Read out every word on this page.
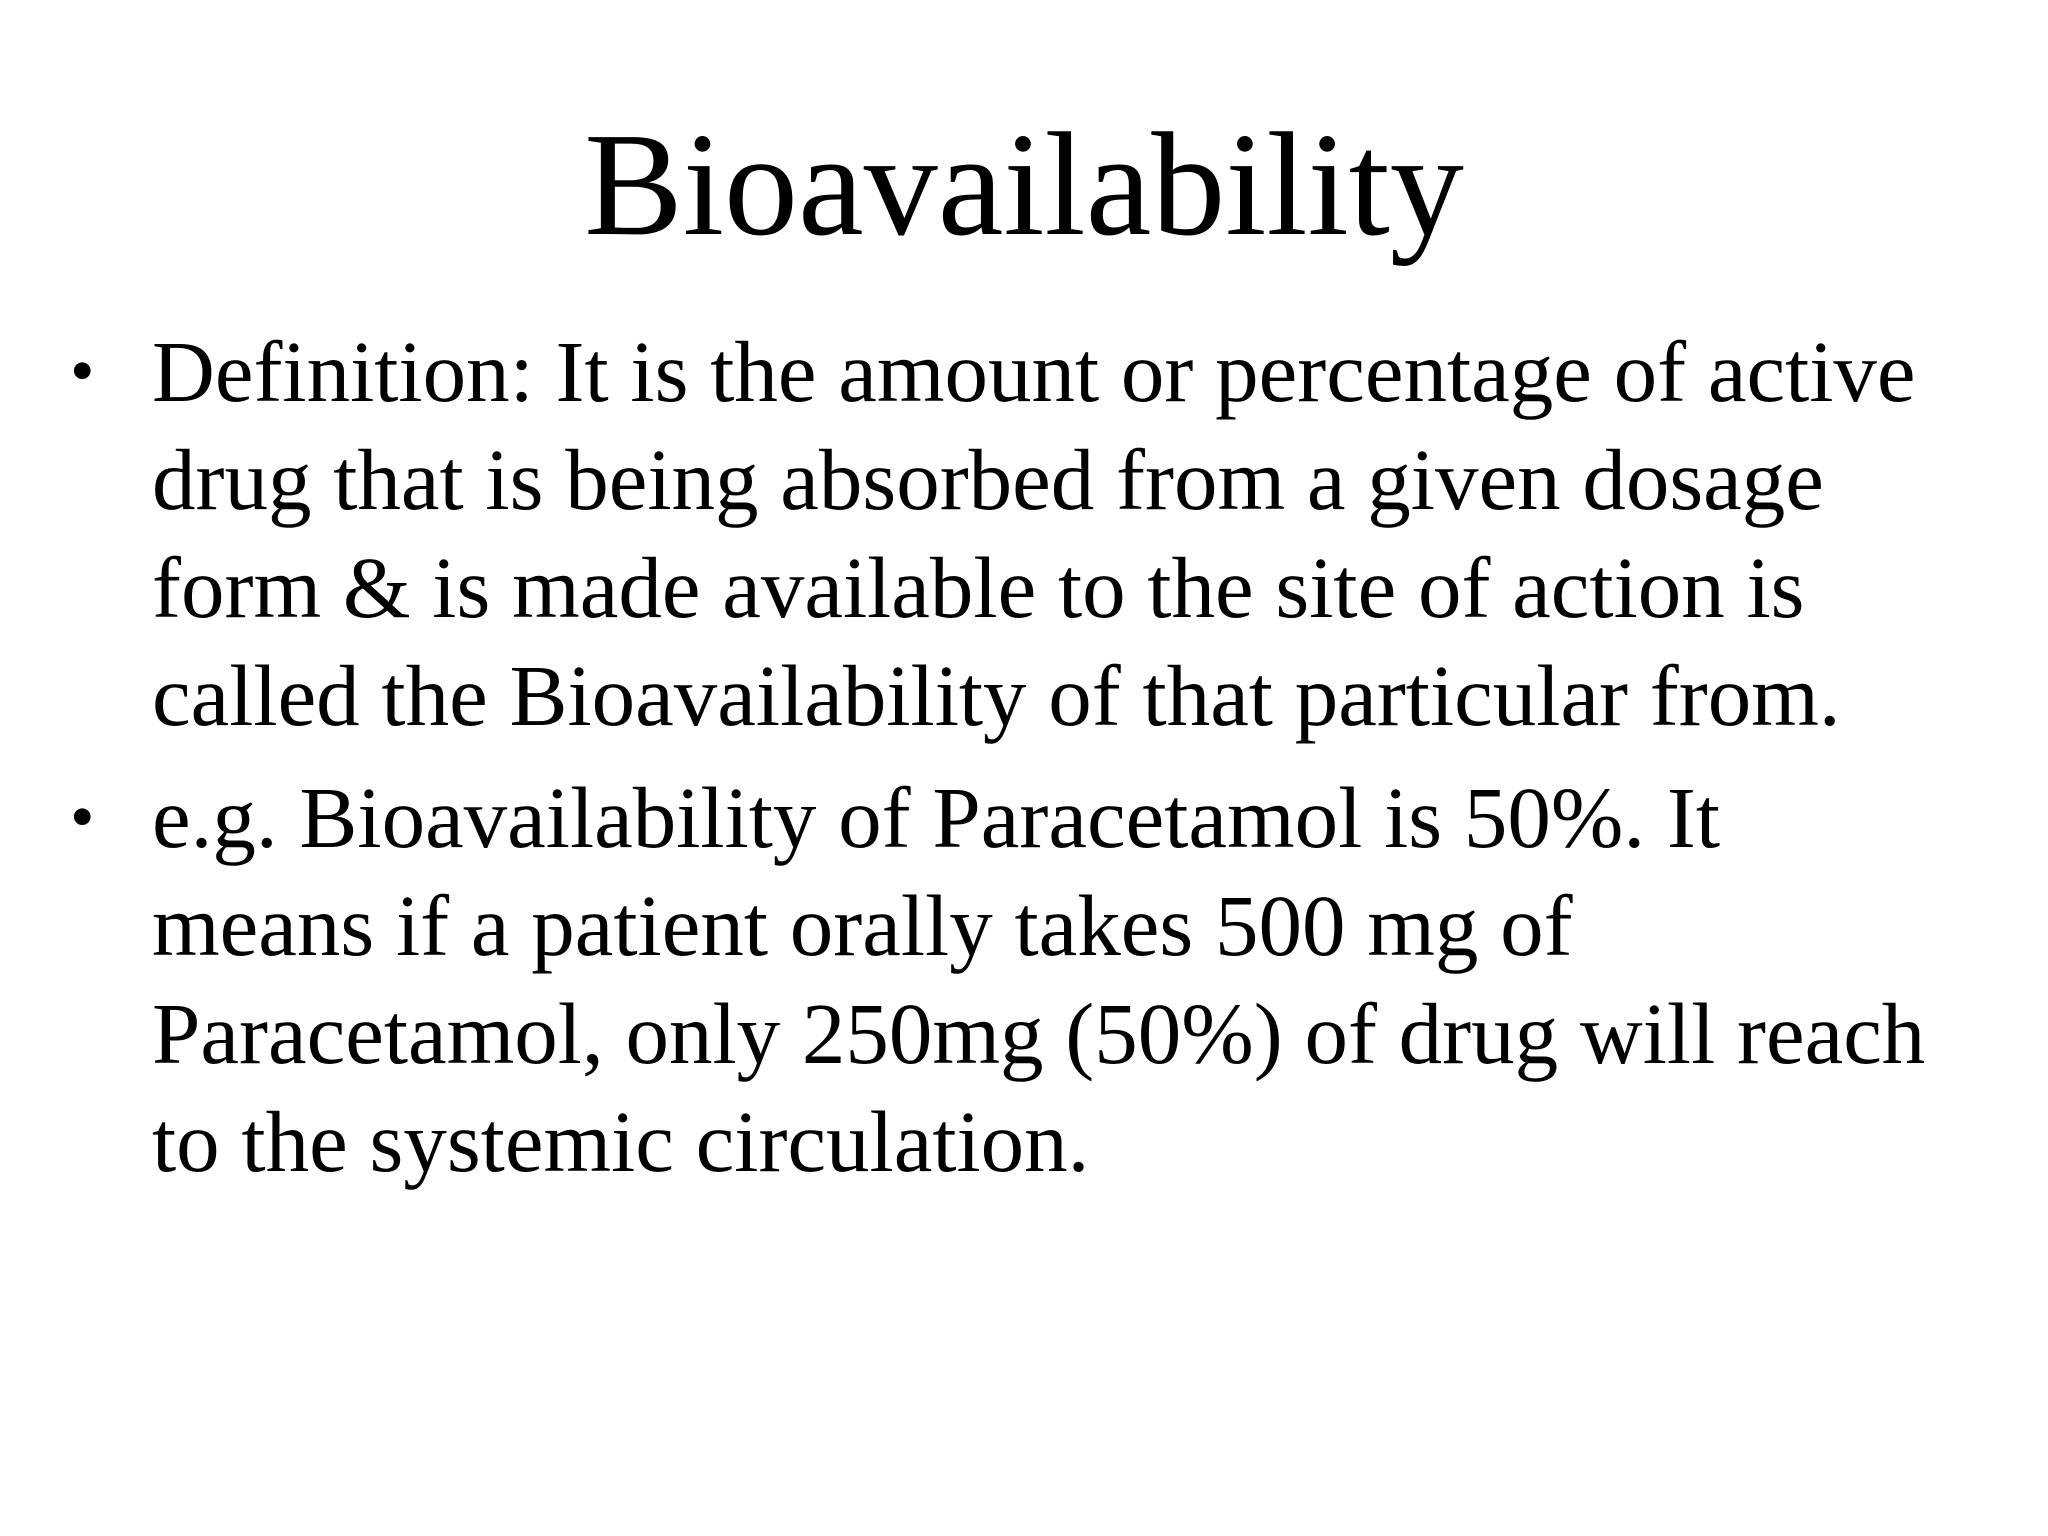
Bioavailability
• Definition: It is the amount or percentage of active
drug that is being absorbed from a given dosage
form & is made available to the site of action is
called the Bioavailability of that particular from.
• e.g. Bioavailability of Paracetamol is 50%. It
means if a patient orally takes 500 mg of
Paracetamol, only 250mg (50%) of drug will reach
to the systemic circulation.
